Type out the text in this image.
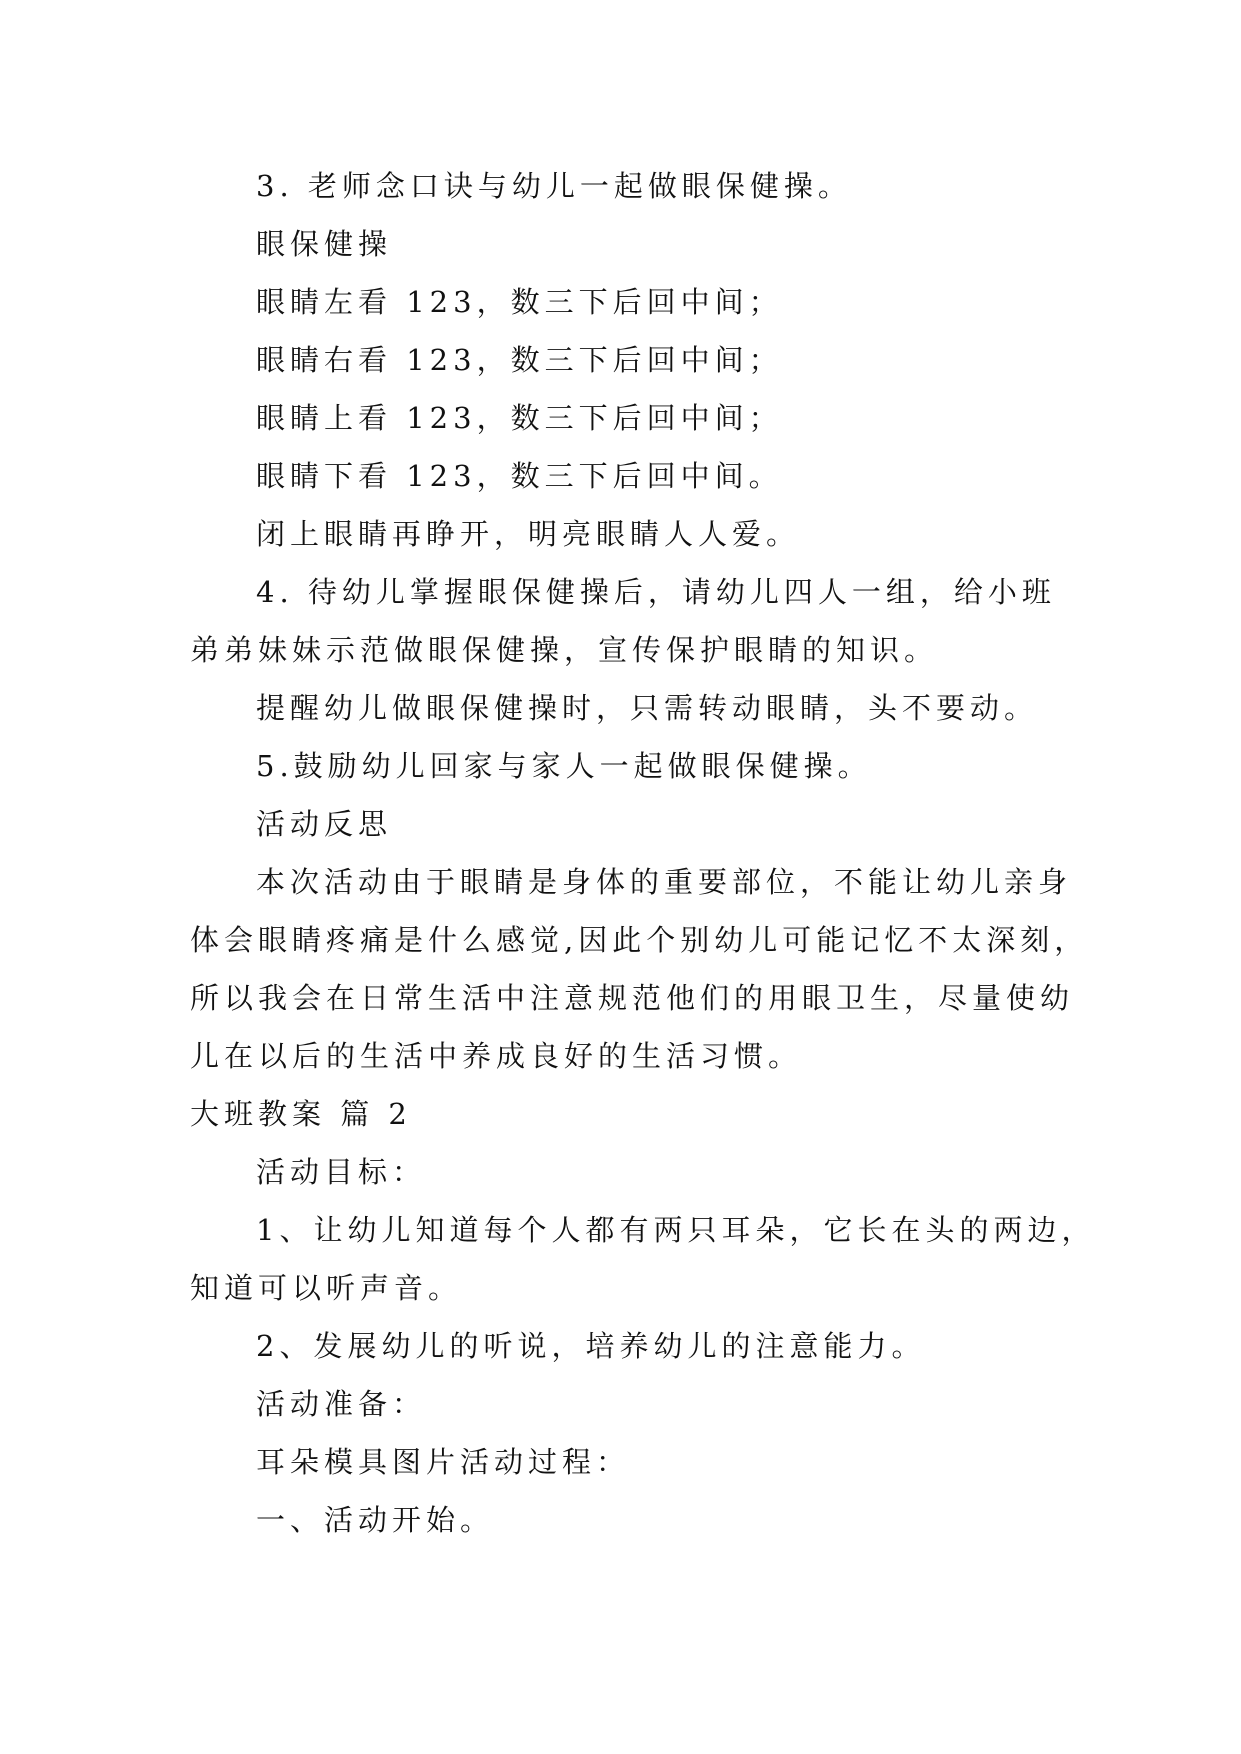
3. 老师念口诀与幼儿一起做眼保健操。
眼保健操
眼睛左看 123，数三下后回中间；
眼睛右看 123，数三下后回中间；
眼睛上看 123，数三下后回中间；
眼睛下看 123，数三下后回中间。
闭上眼睛再睁开，明亮眼睛人人爱。
4. 待幼儿掌握眼保健操后，请幼儿四人一组，给小班
弟弟妹妹示范做眼保健操，宣传保护眼睛的知识。
提醒幼儿做眼保健操时，只需转动眼睛，头不要动。
5.鼓励幼儿回家与家人一起做眼保健操。
活动反思
本次活动由于眼睛是身体的重要部位，不能让幼儿亲身
体会眼睛疼痛是什么感觉,因此个别幼儿可能记忆不太深刻，
所以我会在日常生活中注意规范他们的用眼卫生，尽量使幼
儿在以后的生活中养成良好的生活习惯。
大班教案 篇 2
活动目标：
1、让幼儿知道每个人都有两只耳朵，它长在头的两边，
知道可以听声音。
2、发展幼儿的听说，培养幼儿的注意能力。
活动准备：
耳朵模具图片活动过程：
一、活动开始。
